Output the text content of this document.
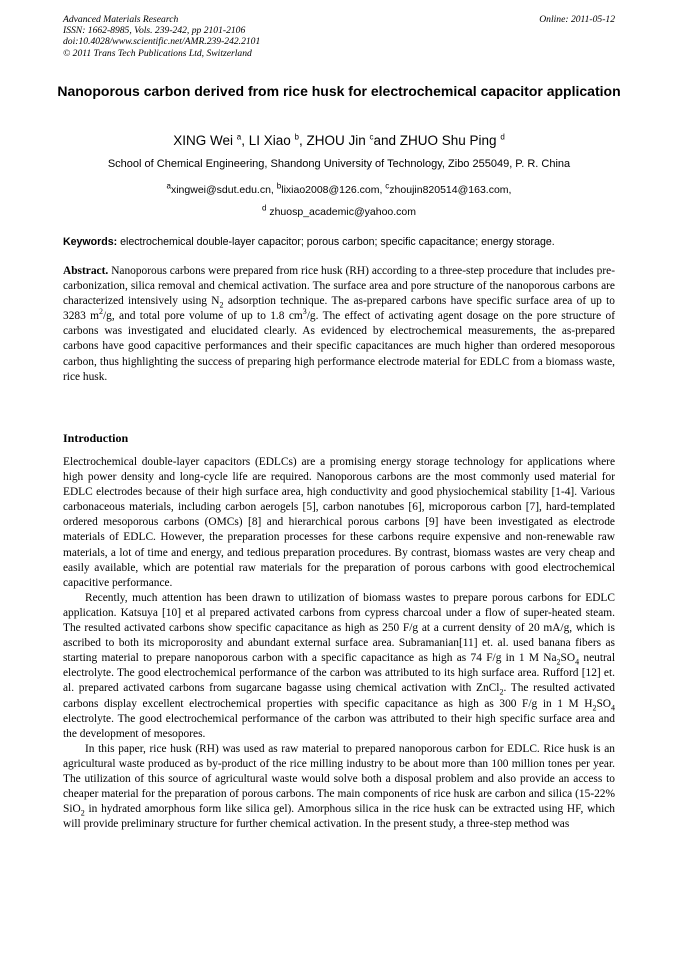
Advanced Materials Research
ISSN: 1662-8985, Vols. 239-242, pp 2101-2106
doi:10.4028/www.scientific.net/AMR.239-242.2101
© 2011 Trans Tech Publications Ltd, Switzerland
Online: 2011-05-12
Nanoporous carbon derived from rice husk for electrochemical capacitor application
XING Wei $^a$, LI Xiao $^b$, ZHOU Jin $^c$and ZHUO Shu Ping $^d$
School of Chemical Engineering, Shandong University of Technology, Zibo 255049, P. R. China
$^a$xingwei@sdut.edu.cn, $^b$lixiao2008@126.com, $^c$zhoujin820514@163.com,
$^d$ zhuosp_academic@yahoo.com
Keywords: electrochemical double-layer capacitor; porous carbon; specific capacitance; energy storage.
Abstract. Nanoporous carbons were prepared from rice husk (RH) according to a three-step procedure that includes pre-carbonization, silica removal and chemical activation. The surface area and pore structure of the nanoporous carbons are characterized intensively using $N_2$ adsorption technique. The as-prepared carbons have specific surface area of up to 3283 $m^2/g$, and total pore volume of up to 1.8 $cm^3/g$. The effect of activating agent dosage on the pore structure of carbons was investigated and elucidated clearly. As evidenced by electrochemical measurements, the as-prepared carbons have good capacitive performances and their specific capacitances are much higher than ordered mesoporous carbon, thus highlighting the success of preparing high performance electrode material for EDLC from a biomass waste, rice husk.
Introduction

Electrochemical double-layer capacitors (EDLCs) are a promising energy storage technology for applications where high power density and long-cycle life are required. Nanoporous carbons are the most commonly used material for EDLC electrodes because of their high surface area, high conductivity and good physiochemical stability [1-4]. Various carbonaceous materials, including carbon aerogels [5], carbon nanotubes [6], microporous carbon [7], hard-templated ordered mesoporous carbons (OMCs) [8] and hierarchical porous carbons [9] have been investigated as electrode materials of EDLC. However, the preparation processes for these carbons require expensive and non-renewable raw materials, a lot of time and energy, and tedious preparation procedures. By contrast, biomass wastes are very cheap and easily available, which are potential raw materials for the preparation of porous carbons with good electrochemical capacitive performance.

Recently, much attention has been drawn to utilization of biomass wastes to prepare porous carbons for EDLC application. Katsuya [10] et al prepared activated carbons from cypress charcoal under a flow of super-heated steam. The resulted activated carbons show specific capacitance as high as 250 F/g at a current density of 20 mA/g, which is ascribed to both its microporosity and abundant external surface area. Subramanian[11] et. al. used banana fibers as starting material to prepare nanoporous carbon with a specific capacitance as high as 74 F/g in 1 M $Na_2SO_4$ neutral electrolyte. The good electrochemical performance of the carbon was attributed to its high surface area. Rufford [12] et. al. prepared activated carbons from sugarcane bagasse using chemical activation with ZnCl$_2$. The resulted activated carbons display excellent electrochemical properties with specific capacitance as high as 300 F/g in 1 M $H_2SO_4$ electrolyte. The good electrochemical performance of the carbon was attributed to their high specific surface area and the development of mesopores.

In this paper, rice husk (RH) was used as raw material to prepared nanoporous carbon for EDLC. Rice husk is an agricultural waste produced as by-product of the rice milling industry to be about more than 100 million tones per year. The utilization of this source of agricultural waste would solve both a disposal problem and also provide an access to cheaper material for the preparation of porous carbons. The main components of rice husk are carbon and silica (15-22% SiO$_2$ in hydrated amorphous form like silica gel). Amorphous silica in the rice husk can be extracted using HF, which will provide preliminary structure for further chemical activation. In the present study, a three-step method was
